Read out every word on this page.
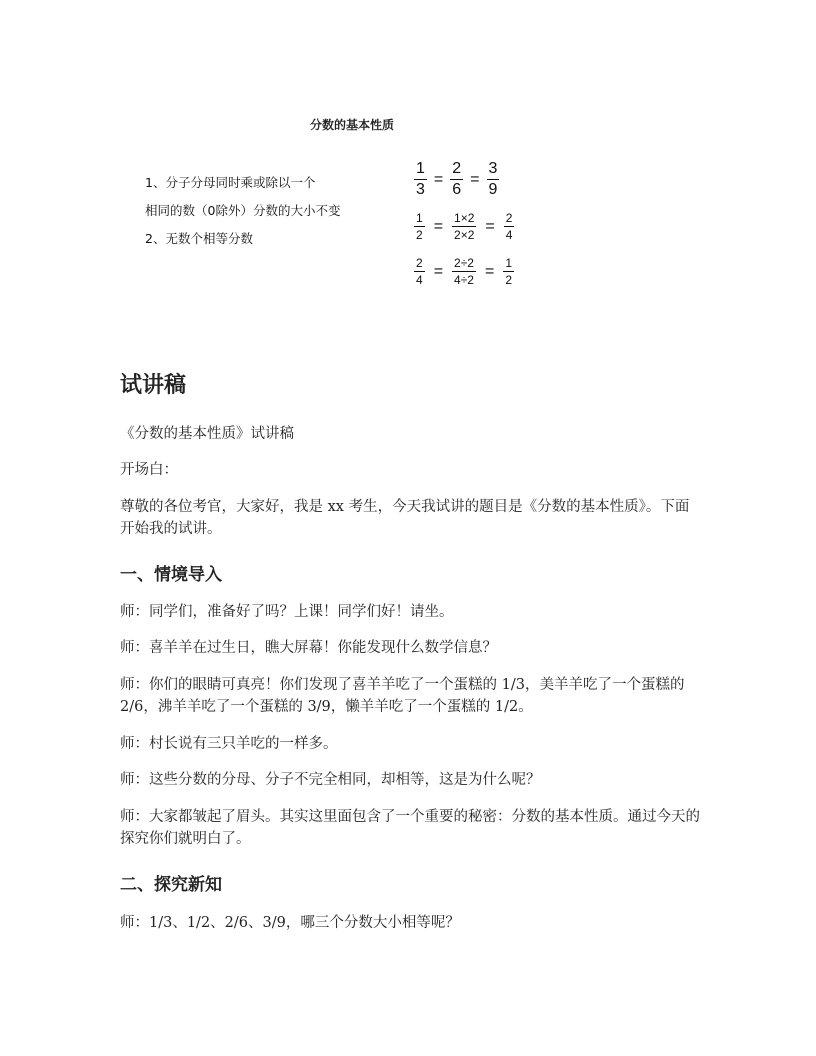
分数的基本性质
1、分子分母同时乘或除以一个
相同的数（0除外）分数的大小不变
2、无数个相等分数
$\frac{1}{3} = \frac{2}{6} = \frac{3}{9}$
$\frac{1}{2} = \frac{1\times 2}{2\times 2} = \frac{2}{4}$
$\frac{2}{4} = \frac{2\div 2}{4\div 2} = \frac{1}{2}$
试讲稿

《分数的基本性质》试讲稿

开场白：

尊敬的各位考官，大家好，我是 xx 考生，今天我试讲的题目是《分数的基本性质》。下面开始我的试讲。

一、情境导入

师：同学们，准备好了吗？上课！同学们好！请坐。

师：喜羊羊在过生日，瞧大屏幕！你能发现什么数学信息？

师：你们的眼睛可真亮！你们发现了喜羊羊吃了一个蛋糕的 1/3，美羊羊吃了一个蛋糕的 2/6，沸羊羊吃了一个蛋糕的 3/9，懒羊羊吃了一个蛋糕的 1/2。

师：村长说有三只羊吃的一样多。

师：这些分数的分母、分子不完全相同，却相等，这是为什么呢？

师：大家都皱起了眉头。其实这里面包含了一个重要的秘密：分数的基本性质。通过今天的探究你们就明白了。

二、探究新知

师：1/3、1/2、2/6、3/9，哪三个分数大小相等呢？
